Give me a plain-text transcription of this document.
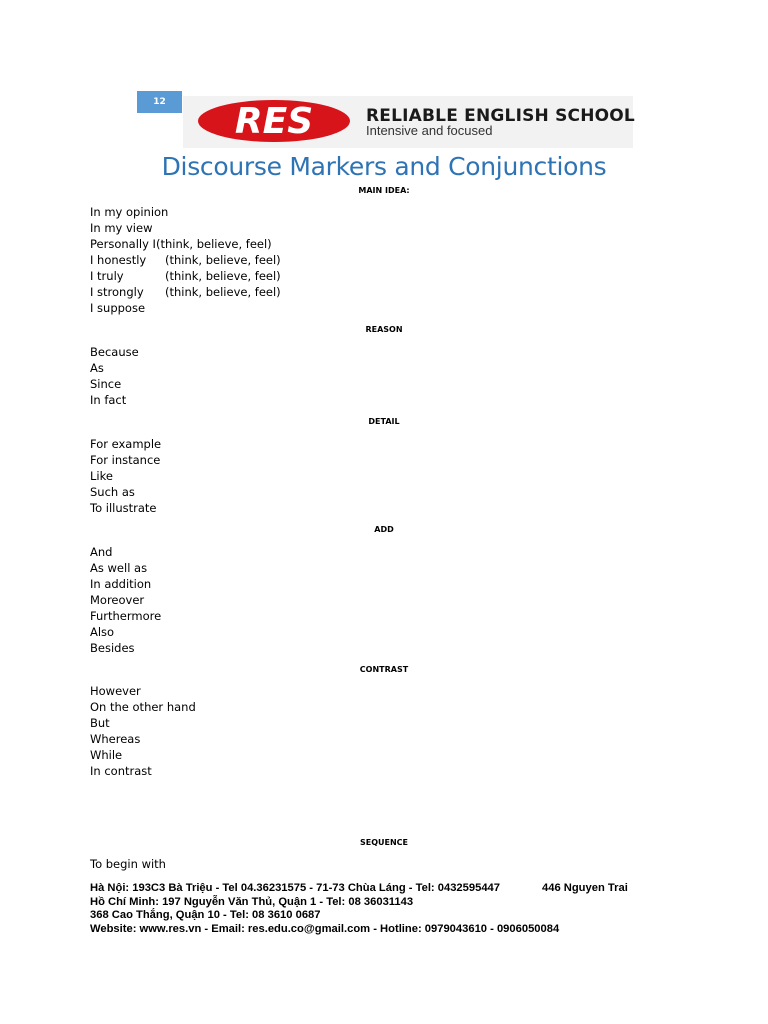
12 RES	RELIABLE ENGLISH SCHOOL
Intensive and focused
Discourse Markers and Conjunctions
MAIN IDEA:
In my opinion
In my view
Personally I (think, believe, feel)
I honestly (think, believe, feel)
I truly	(think, believe, feel)
I strongly (think, believe, feel)
I suppose
REASON
Because
As
Since
In fact
DETAIL
For example
For instance
Like
Such as
To illustrate
ADD
And
As well as
In addition
Moreover
Furthermore
Also
Besides
CONTRAST
However
On the other hand
But
Whereas
While
In contrast
SEQUENCE
To begin with
Hà Nội: 193C3 Bà Triệu - Tel 04.36231575 - 71-73 Chùa Láng - Tel: 0432595447	446 Nguyen Trai
Hồ Chí Minh: 197 Nguyễn Văn Thủ, Quận 1 - Tel: 08 36031143
368 Cao Thắng, Quận 10 - Tel: 08 3610 0687
Website: www.res.vn - Email: res.edu.co@gmail.com - Hotline: 0979043610 - 0906050084
